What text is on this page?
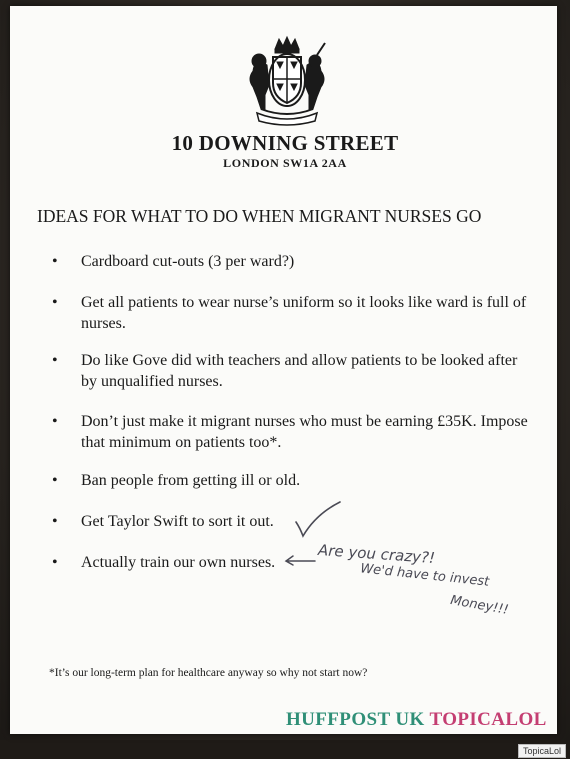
10 DOWNING STREET
LONDON SW1A 2AA
IDEAS FOR WHAT TO DO WHEN MIGRANT NURSES GO
• Cardboard cut-outs (3 per ward?)
• Get all patients to wear nurse’s uniform so it looks like ward is full of nurses.
• Do like Gove did with teachers and allow patients to be looked after by unqualified nurses.
• Don’t just make it migrant nurses who must be earning £35K. Impose that minimum on patients too*.
• Ban people from getting ill or old.
• Get Taylor Swift to sort it out.
• Actually train our own nurses.	Are you crazy?!
We'd have to invest
Money!!!
*It’s our long-term plan for healthcare anyway so why not start now?
HUFFPOST UK TOPICALOL
TopicaLol
